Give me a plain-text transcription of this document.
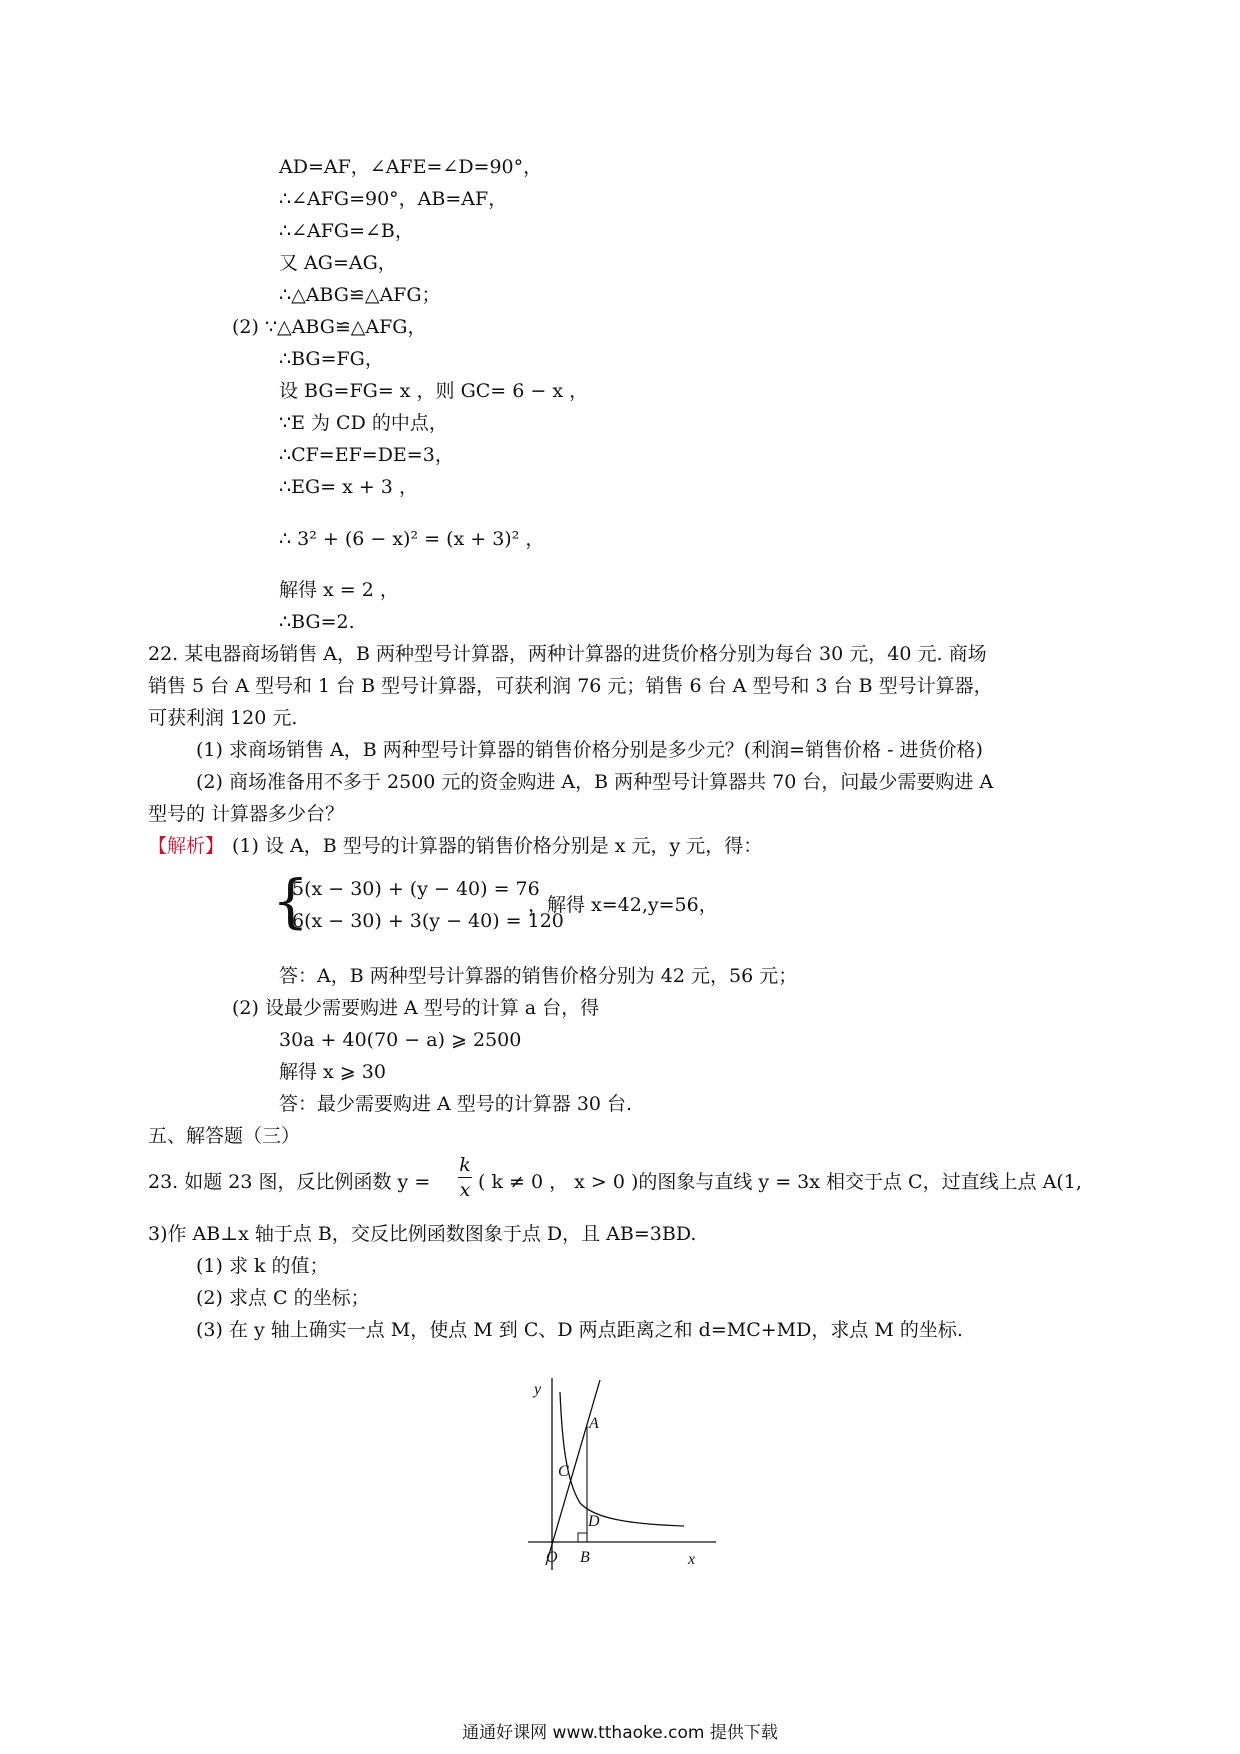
AD=AF，∠AFE=∠D=90°，
∴∠AFG=90°，AB=AF，
∴∠AFG=∠B，
又 AG=AG，
∴△ABG≌△AFG；
(2) ∵△ABG≌△AFG，
∴BG=FG，
设 BG=FG= x ，则 GC= 6 − x ，
∵E 为 CD 的中点，
∴CF=EF=DE=3，
∴EG= x + 3 ，
∴ 3² + (6 − x)² = (x + 3)² ，
解得 x = 2 ，
∴BG=2.
22. 某电器商场销售 A，B 两种型号计算器，两种计算器的进货价格分别为每台 30 元，40 元. 商场
销售 5 台 A 型号和 1 台 B 型号计算器，可获利润 76 元；销售 6 台 A 型号和 3 台 B 型号计算器，
可获利润 120 元.
(1) 求商场销售 A，B 两种型号计算器的销售价格分别是多少元？(利润=销售价格 - 进货价格)
(2) 商场准备用不多于 2500 元的资金购进 A，B 两种型号计算器共 70 台，问最少需要购进 A
型号的 计算器多少台？
【解析】 (1) 设 A，B 型号的计算器的销售价格分别是 x 元，y 元，得：
{
5(x − 30) + (y − 40) = 76
6(x − 30) + 3(y − 40) = 120
，解得 x=42,y=56，
答：A，B 两种型号计算器的销售价格分别为 42 元，56 元；
(2) 设最少需要购进 A 型号的计算 a 台，得
30a + 40(70 − a) ⩾ 2500
解得 x ⩾ 30
答：最少需要购进 A 型号的计算器 30 台.
五、解答题（三）
23. 如题 23 图，反比例函数 y =
k
x ( k ≠ 0 ， x > 0 )的图象与直线 y = 3x 相交于点 C，过直线上点 A(1,
3)作 AB⊥x 轴于点 B，交反比例函数图象于点 D，且 AB=3BD.
(1) 求 k 的值；
(2) 求点 C 的坐标；
(3) 在 y 轴上确实一点 M，使点 M 到 C、D 两点距离之和 d=MC+MD，求点 M 的坐标.
y
x
O
A
B
C
D
通通好课网 www.tthaoke.com 提供下载
